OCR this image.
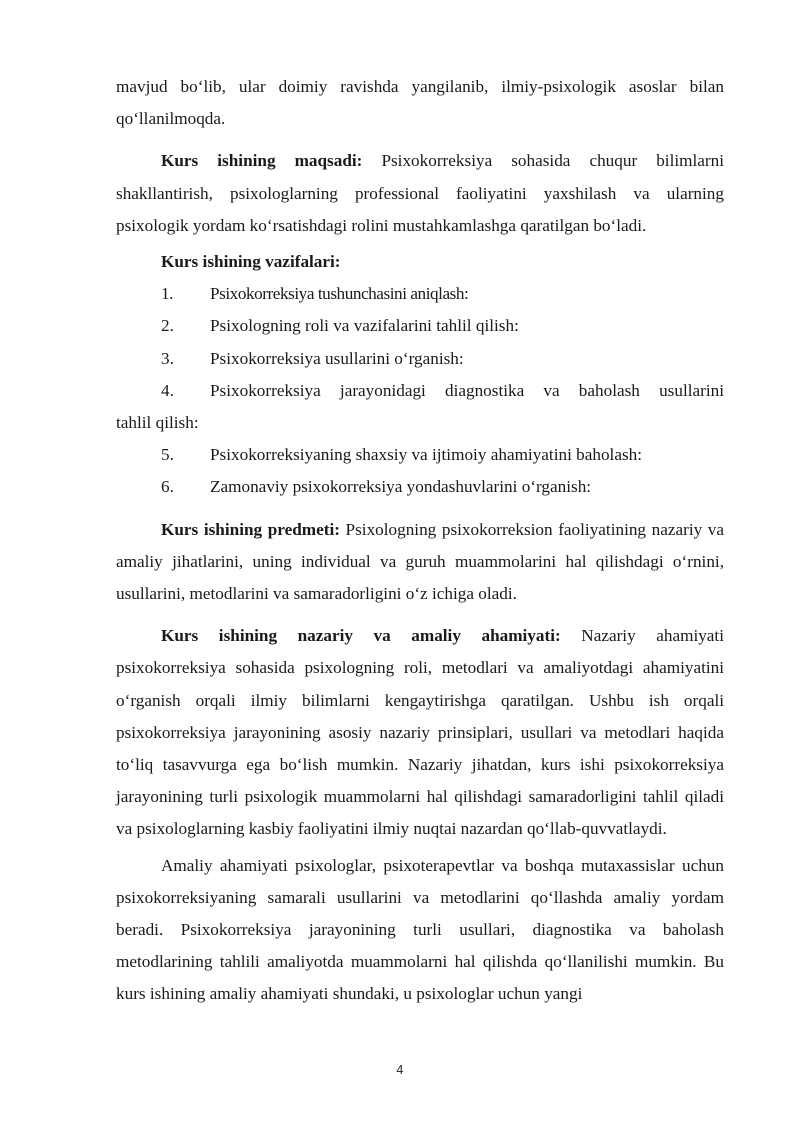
mavjud boʻlib, ular doimiy ravishda yangilanib, ilmiy-psixologik asoslar bilan qoʻllanilmoqda.

Kurs ishining maqsadi: Psixokorreksiya sohasida chuqur bilimlarni shakllantirish, psixologlarning professional faoliyatini yaxshilash va ularning psixologik yordam koʻrsatishdagi rolini mustahkamlashga qaratilgan boʻladi.

Kurs ishining vazifalari:

1. Psixokorreksiya tushunchasini aniqlash:

2. Psixologning roli va vazifalarini tahlil qilish:

3. Psixokorreksiya usullarini oʻrganish:

4. Psixokorreksiya jarayonidagi diagnostika va baholash usullarini

tahlil qilish:

5. Psixokorreksiyaning shaxsiy va ijtimoiy ahamiyatini baholash:

6. Zamonaviy psixokorreksiya yondashuvlarini oʻrganish:

Kurs ishining predmeti: Psixologning psixokorreksion faoliyatining nazariy va amaliy jihatlarini, uning individual va guruh muammolarini hal qilishdagi oʻrnini, usullarini, metodlarini va samaradorligini oʻz ichiga oladi.

Kurs ishining nazariy va amaliy ahamiyati: Nazariy ahamiyati psixokorreksiya sohasida psixologning roli, metodlari va amaliyotdagi ahamiyatini oʻrganish orqali ilmiy bilimlarni kengaytirishga qaratilgan. Ushbu ish orqali psixokorreksiya jarayonining asosiy nazariy prinsiplari, usullari va metodlari haqida toʻliq tasavvurga ega boʻlish mumkin. Nazariy jihatdan, kurs ishi psixokorreksiya jarayonining turli psixologik muammolarni hal qilishdagi samaradorligini tahlil qiladi va psixologlarning kasbiy faoliyatini ilmiy nuqtai nazardan qoʻllab-quvvatlaydi.

Amaliy ahamiyati psixologlar, psixoterapevtlar va boshqa mutaxassislar uchun psixokorreksiyaning samarali usullarini va metodlarini qoʻllashda amaliy yordam beradi. Psixokorreksiya jarayonining turli usullari, diagnostika va baholash metodlarining tahlili amaliyotda muammolarni hal qilishda qoʻllanilishi mumkin. Bu kurs ishining amaliy ahamiyati shundaki, u psixologlar uchun yangi

4
